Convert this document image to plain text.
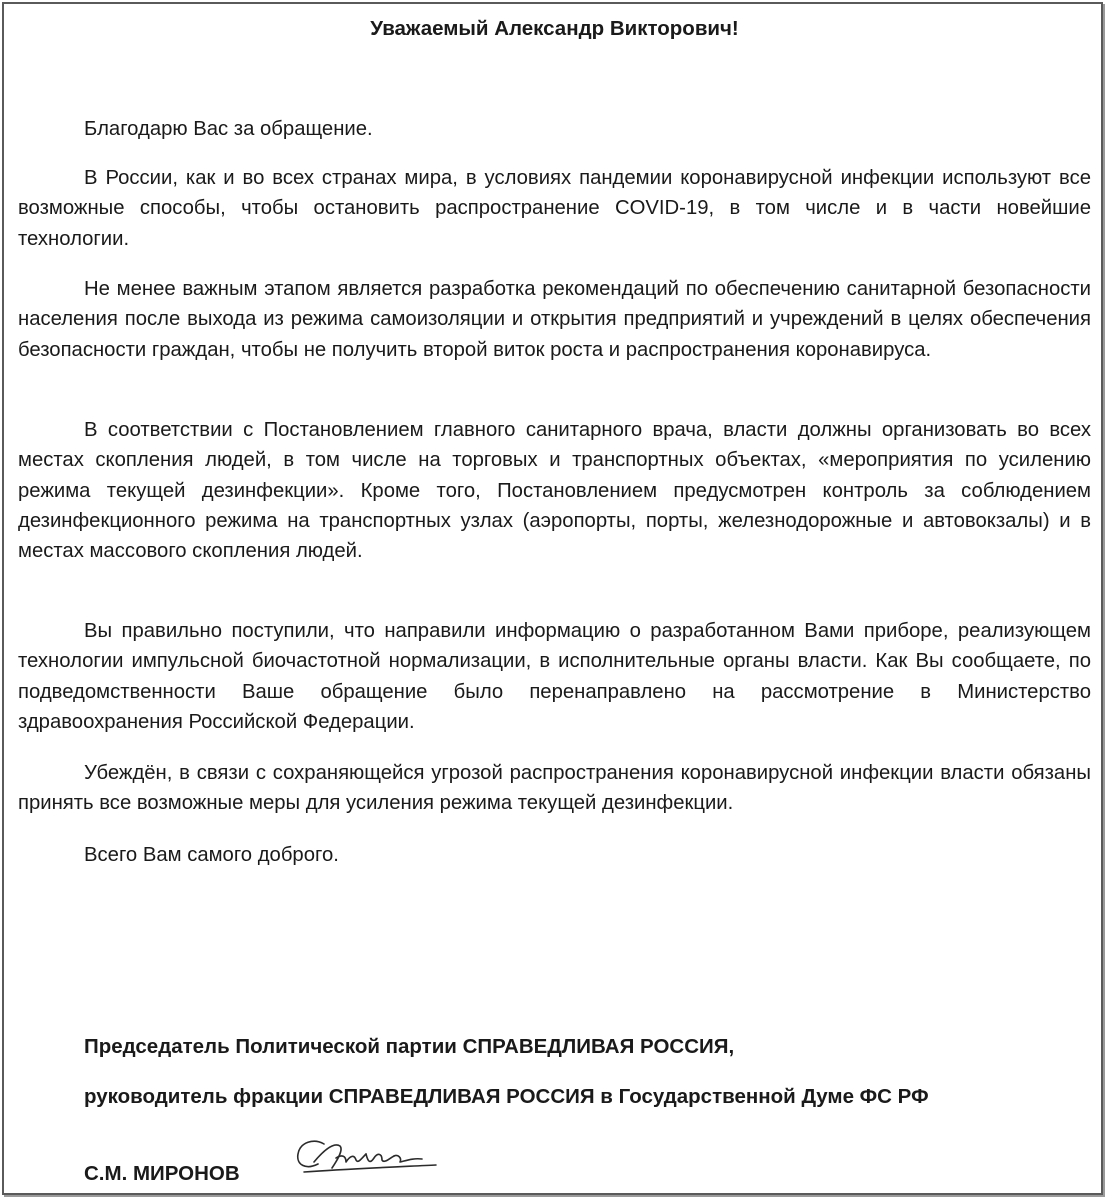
Уважаемый Александр Викторович!

Благодарю Вас за обращение.

В России, как и во всех странах мира, в условиях пандемии коронавирусной инфекции используют все возможные способы, чтобы остановить распространение COVID-19, в том числе и в части новейшие технологии.

Не менее важным этапом является разработка рекомендаций по обеспечению санитарной безопасности населения после выхода из режима самоизоляции и открытия предприятий и учреждений в целях обеспечения безопасности граждан, чтобы не получить второй виток роста и распространения коронавируса.

В соответствии с Постановлением главного санитарного врача, власти должны организовать во всех местах скопления людей, в том числе на торговых и транспортных объектах, «мероприятия по усилению режима текущей дезинфекции». Кроме того, Постановлением предусмотрен контроль за соблюдением дезинфекционного режима на транспортных узлах (аэропорты, порты, железнодорожные и автовокзалы) и в местах массового скопления людей.

Вы правильно поступили, что направили информацию о разработанном Вами приборе, реализующем технологии импульсной биочастотной нормализации, в исполнительные органы власти. Как Вы сообщаете, по подведомственности Ваше обращение было перенаправлено на рассмотрение в Министерство здравоохранения Российской Федерации.

Убеждён, в связи с сохраняющейся угрозой распространения коронавирусной инфекции власти обязаны принять все возможные меры для усиления режима текущей дезинфекции.

Всего Вам самого доброго.

Председатель Политической партии СПРАВЕДЛИВАЯ РОССИЯ,

руководитель фракции СПРАВЕДЛИВАЯ РОССИЯ в Государственной Думе ФС РФ

С.М. МИРОНОВ
